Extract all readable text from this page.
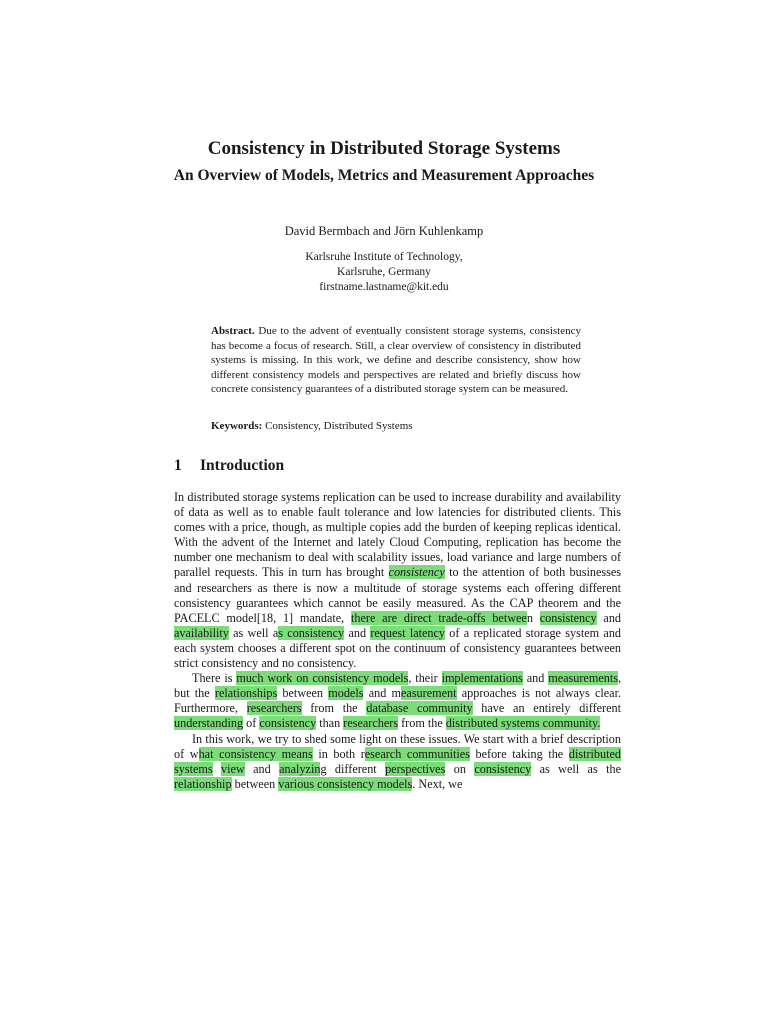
Consistency in Distributed Storage Systems
An Overview of Models, Metrics and Measurement Approaches
David Bermbach and Jörn Kuhlenkamp
Karlsruhe Institute of Technology,
Karlsruhe, Germany
firstname.lastname@kit.edu
Abstract. Due to the advent of eventually consistent storage systems, consistency has become a focus of research. Still, a clear overview of consistency in distributed systems is missing. In this work, we define and describe consistency, show how different consistency models and perspectives are related and briefly discuss how concrete consistency guarantees of a distributed storage system can be measured.
Keywords: Consistency, Distributed Systems
1 Introduction

In distributed storage systems replication can be used to increase durability and availability of data as well as to enable fault tolerance and low latencies for distributed clients. This comes with a price, though, as multiple copies add the burden of keeping replicas identical. With the advent of the Internet and lately Cloud Computing, replication has become the number one mechanism to deal with scalability issues, load variance and large numbers of parallel requests. This in turn has brought consistency to the attention of both businesses and researchers as there is now a multitude of storage systems each offering different consistency guarantees which cannot be easily measured. As the CAP theorem and the PACELC model[18, 1] mandate, there are direct trade-offs between consistency and availability as well as consistency and request latency of a replicated storage system and each system chooses a different spot on the continuum of consistency guarantees between strict consistency and no consistency.

There is much work on consistency models, their implementations and measurements, but the relationships between models and measurement approaches is not always clear. Furthermore, researchers from the database community have an entirely different understanding of consistency than researchers from the distributed systems community.

In this work, we try to shed some light on these issues. We start with a brief description of what consistency means in both research communities before taking the distributed systems view and analyzing different perspectives on consistency as well as the relationship between various consistency models. Next, we
